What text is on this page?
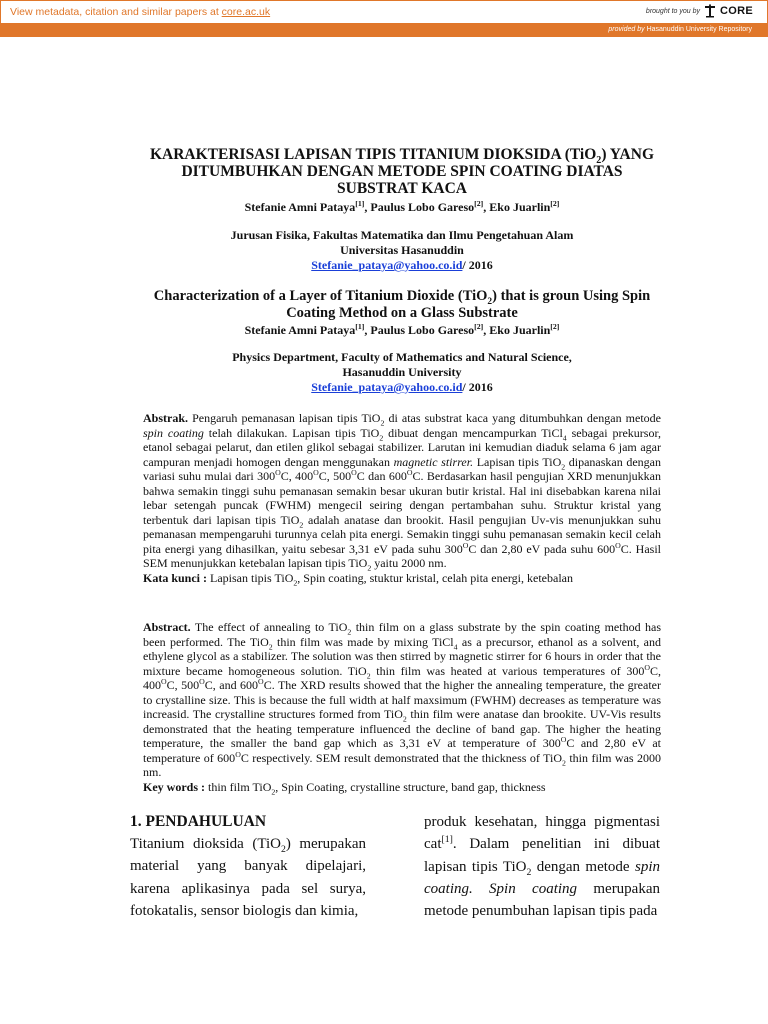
View metadata, citation and similar papers at core.ac.uk	brought to you by CORE
provided by Hasanuddin University Repository

KARAKTERISASI LAPISAN TIPIS TITANIUM DIOKSIDA (TiO$_2$) YANG DITUMBUHKAN DENGAN METODE SPIN COATING DIATAS SUBSTRAT KACA

Stefanie Amni Pataya[1], Paulus Lobo Gareso[2], Eko Juarlin[2]

Jurusan Fisika, Fakultas Matematika dan Ilmu Pengetahuan Alam
Universitas Hasanuddin
Stefanie_pataya@yahoo.co.id/ 2016

Characterization of a Layer of Titanium Dioxide (TiO$_2$) that is groun Using Spin Coating Method on a Glass Substrate

Stefanie Amni Pataya[1], Paulus Lobo Gareso[2], Eko Juarlin[2]

Physics Department, Faculty of Mathematics and Natural Science,
Hasanuddin University
Stefanie_pataya@yahoo.co.id/ 2016

Abstrak. Pengaruh pemanasan lapisan tipis TiO$_2$ di atas substrat kaca yang ditumbuhkan dengan metode spin coating telah dilakukan. Lapisan tipis TiO$_2$ dibuat dengan mencampurkan TiCl$_4$ sebagai prekursor, etanol sebagai pelarut, dan etilen glikol sebagai stabilizer. Larutan ini kemudian diaduk selama 6 jam agar campuran menjadi homogen dengan menggunakan magnetic stirrer. Lapisan tipis TiO$_2$ dipanaskan dengan variasi suhu mulai dari $300^OC$, $400^OC$, $500^OC$ dan $600^OC$. Berdasarkan hasil pengujian XRD menunjukkan bahwa semakin tinggi suhu pemanasan semakin besar ukuran butir kristal. Hal ini disebabkan karena nilai lebar setengah puncak (FWHM) mengecil seiring dengan pertambahan suhu. Struktur kristal yang terbentuk dari lapisan tipis TiO$_2$ adalah anatase dan brookit. Hasil pengujian Uv-vis menunjukkan suhu pemanasan mempengaruhi turunnya celah pita energi. Semakin tinggi suhu pemanasan semakin kecil celah pita energi yang dihasilkan, yaitu sebesar 3,31 eV pada suhu $300^OC$ dan 2,80 eV pada suhu $600^OC$. Hasil SEM menunjukkan ketebalan lapisan tipis TiO$_2$ yaitu 2000 nm.
Kata kunci : Lapisan tipis TiO$_2$, Spin coating, stuktur kristal, celah pita energi, ketebalan

Abstract. The effect of annealing to TiO$_2$ thin film on a glass substrate by the spin coating method has been performed. The TiO$_2$ thin film was made by mixing TiCl$_4$ as a precursor, ethanol as a solvent, and ethylene glycol as a stabilizer. The solution was then stirred by magnetic stirrer for 6 hours in order that the mixture became homogeneous solution. TiO$_2$ thin film was heated at various temperatures of $300^OC$, $400^OC$, $500^OC$, and $600^OC$. The XRD results showed that the higher the annealing temperature, the greater to crystalline size. This is because the full width at half maxsimum (FWHM) decreases as temperature was increasid. The crystalline structures formed from TiO$_2$ thin film were anatase dan brookite. UV-Vis results demonstrated that the heating temperature influenced the decline of band gap. The higher the heating temperature, the smaller the band gap which as 3,31 eV at temperature of $300^OC$ and 2,80 eV at temperature of $600^OC$ respectively. SEM result demonstrated that the thickness of TiO$_2$ thin film was 2000 nm.
Key words : thin film TiO$_2$, Spin Coating, crystalline structure, band gap, thickness

1. PENDAHULUAN

Titanium dioksida (TiO$_2$) merupakan material yang banyak dipelajari, karena aplikasinya pada sel surya, fotokatalis, sensor biologis dan kimia,

produk kesehatan, hingga pigmentasi cat[1]. Dalam penelitian ini dibuat lapisan tipis TiO$_2$ dengan metode spin coating. Spin coating merupakan metode penumbuhan lapisan tipis pada
